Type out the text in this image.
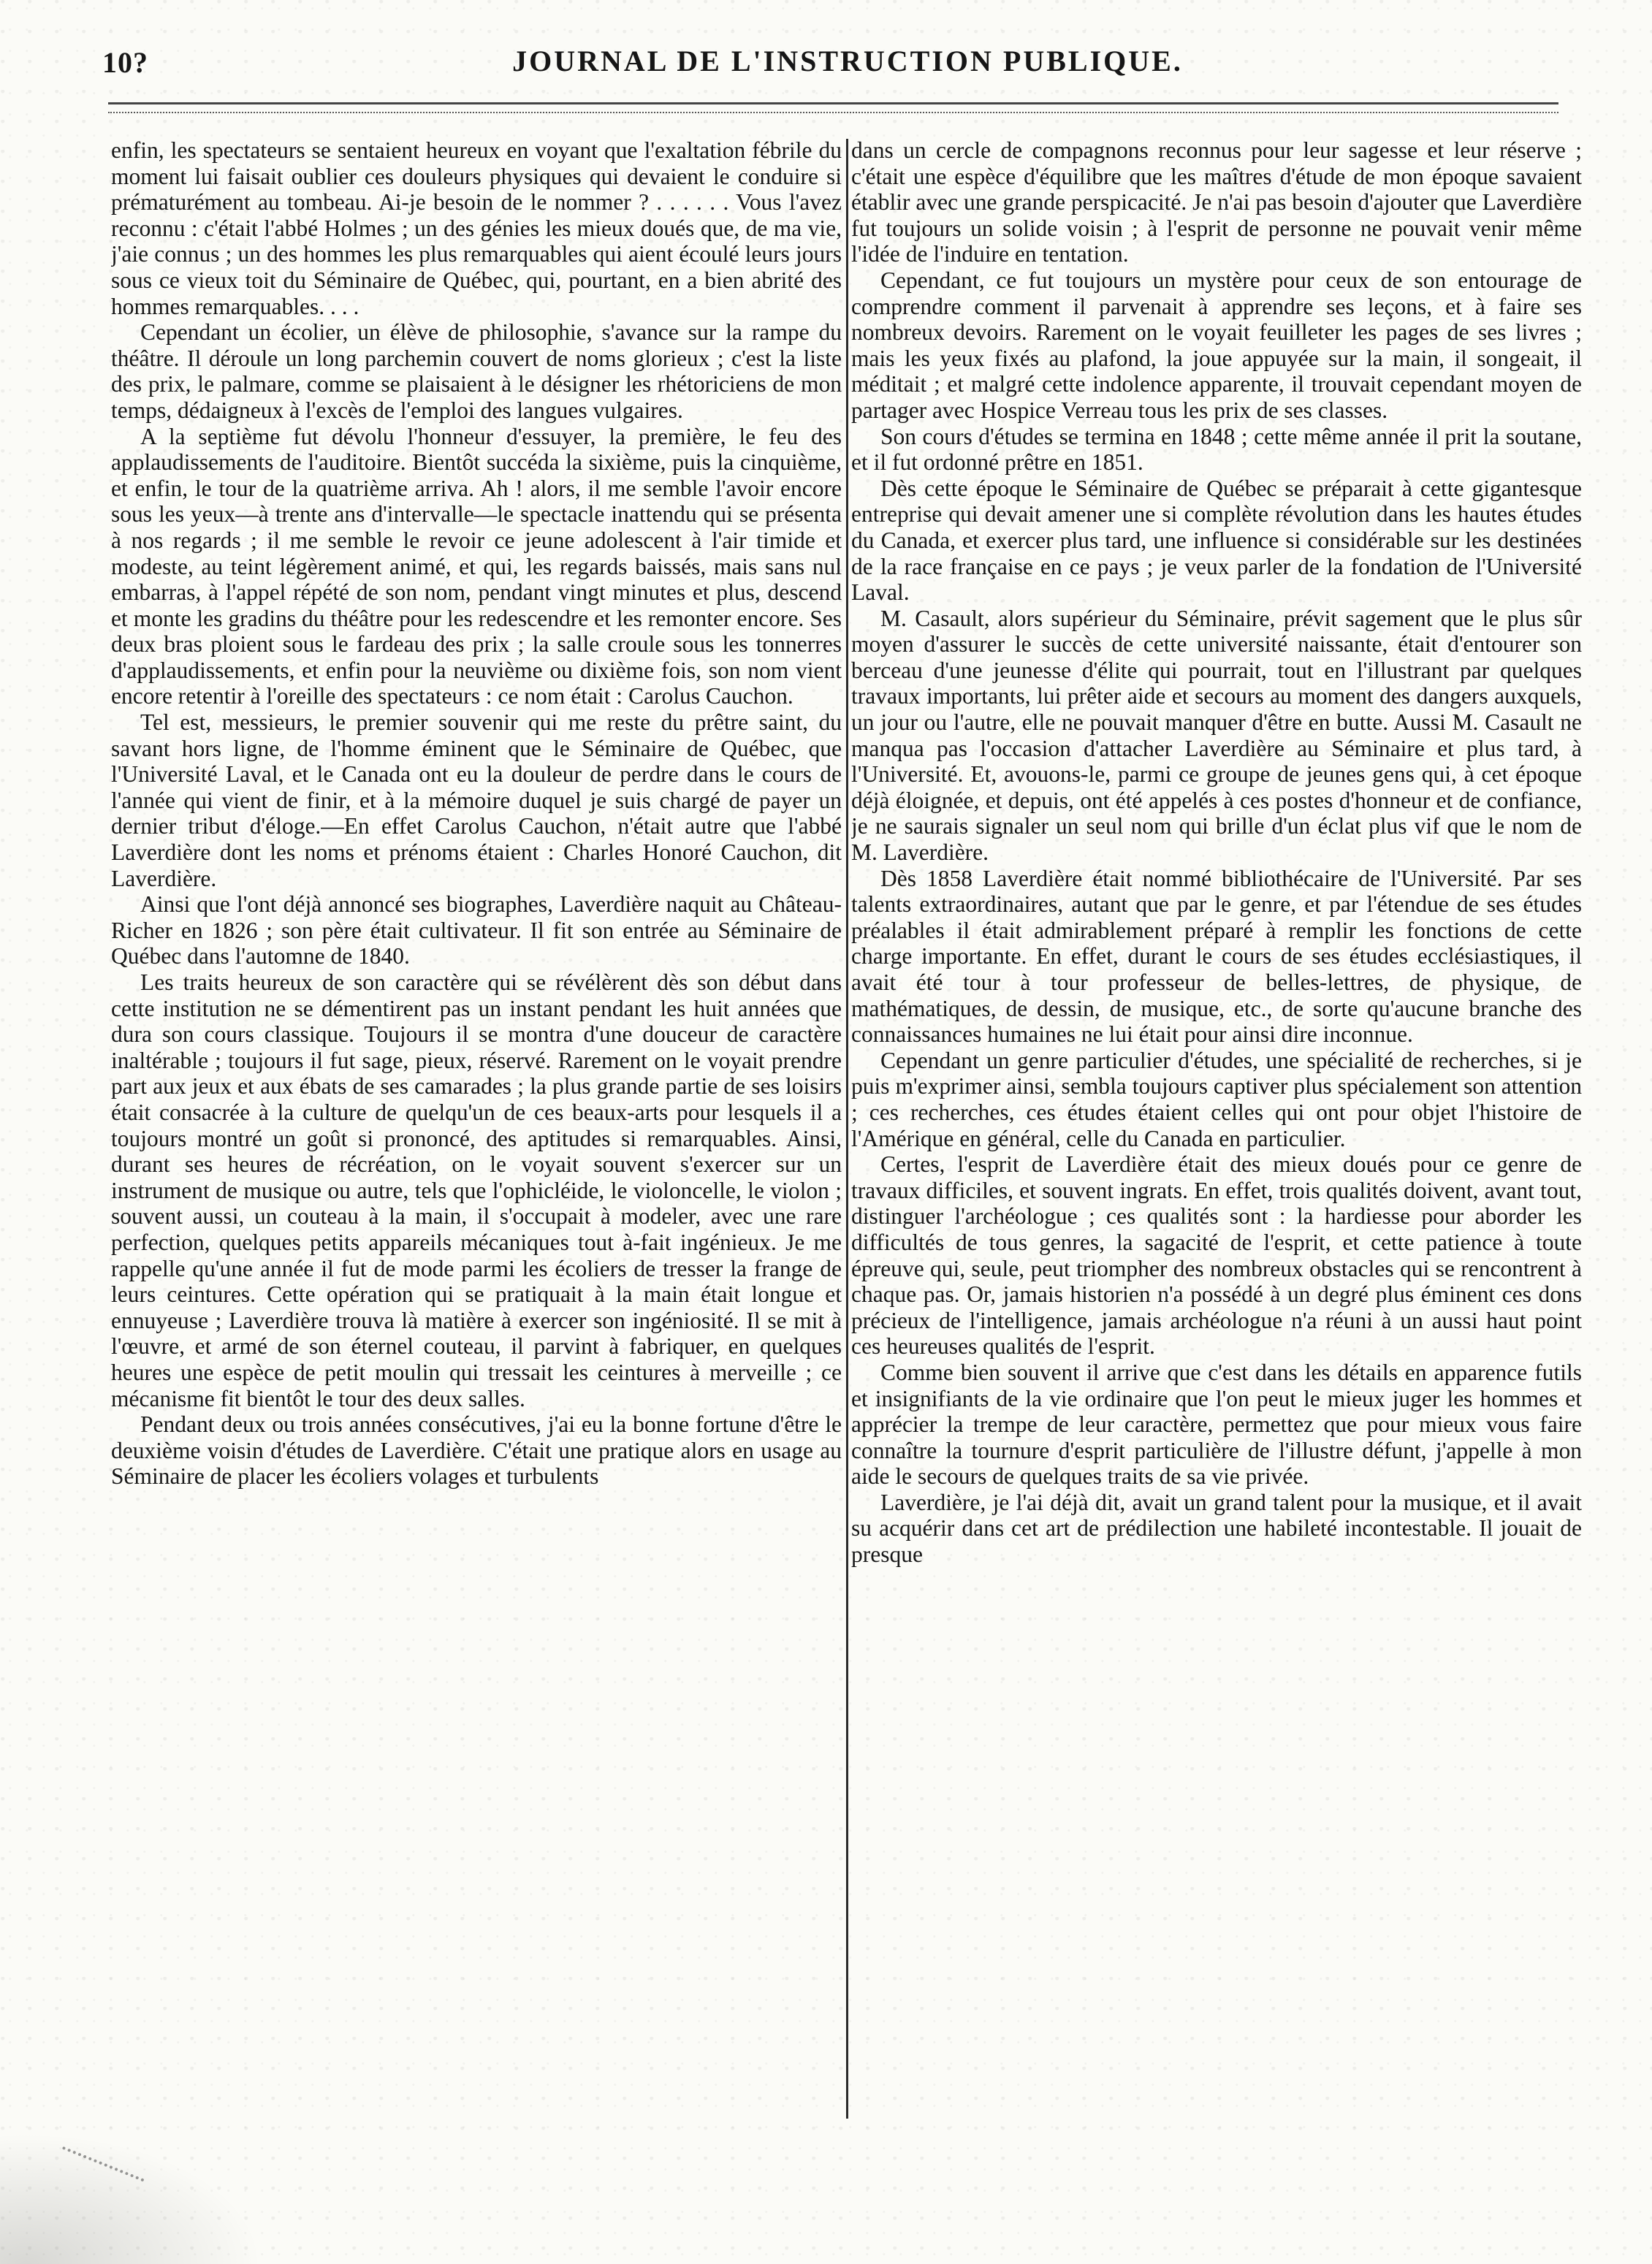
10?	JOURNAL DE L'INSTRUCTION PUBLIQUE.

enfin, les spectateurs se sentaient heureux en voyant que l'exaltation fébrile du moment lui faisait oublier ces douleurs physiques qui devaient le conduire si prématurément au tombeau. Ai-je besoin de le nommer ? . . . . . . Vous l'avez reconnu : c'était l'abbé Holmes ; un des génies les mieux doués que, de ma vie, j'aie connus ; un des hommes les plus remarquables qui aient écoulé leurs jours sous ce vieux toit du Séminaire de Québec, qui, pourtant, en a bien abrité des hommes remarquables. . . .

Cependant un écolier, un élève de philosophie, s'avance sur la rampe du théâtre. Il déroule un long parchemin couvert de noms glorieux ; c'est la liste des prix, le palmare, comme se plaisaient à le désigner les rhétoriciens de mon temps, dédaigneux à l'excès de l'emploi des langues vulgaires.

A la septième fut dévolu l'honneur d'essuyer, la première, le feu des applaudissements de l'auditoire. Bientôt succéda la sixième, puis la cinquième, et enfin, le tour de la quatrième arriva. Ah ! alors, il me semble l'avoir encore sous les yeux—à trente ans d'intervalle—le spectacle inattendu qui se présenta à nos regards ; il me semble le revoir ce jeune adolescent à l'air timide et modeste, au teint légèrement animé, et qui, les regards baissés, mais sans nul embarras, à l'appel répété de son nom, pendant vingt minutes et plus, descend et monte les gradins du théâtre pour les redescendre et les remonter encore. Ses deux bras ploient sous le fardeau des prix ; la salle croule sous les tonnerres d'applaudissements, et enfin pour la neuvième ou dixième fois, son nom vient encore retentir à l'oreille des spectateurs : ce nom était : Carolus Cauchon.

Tel est, messieurs, le premier souvenir qui me reste du prêtre saint, du savant hors ligne, de l'homme éminent que le Séminaire de Québec, que l'Université Laval, et le Canada ont eu la douleur de perdre dans le cours de l'année qui vient de finir, et à la mémoire duquel je suis chargé de payer un dernier tribut d'éloge.—En effet Carolus Cauchon, n'était autre que l'abbé Laverdière dont les noms et prénoms étaient : Charles Honoré Cauchon, dit Laverdière.

Ainsi que l'ont déjà annoncé ses biographes, Laverdière naquit au Château-Richer en 1826 ; son père était cultivateur. Il fit son entrée au Séminaire de Québec dans l'automne de 1840.

Les traits heureux de son caractère qui se révélèrent dès son début dans cette institution ne se démentirent pas un instant pendant les huit années que dura son cours classique. Toujours il se montra d'une douceur de caractère inaltérable ; toujours il fut sage, pieux, réservé. Rarement on le voyait prendre part aux jeux et aux ébats de ses camarades ; la plus grande partie de ses loisirs était consacrée à la culture de quelqu'un de ces beaux-arts pour lesquels il a toujours montré un goût si prononcé, des aptitudes si remarquables. Ainsi, durant ses heures de récréation, on le voyait souvent s'exercer sur un instrument de musique ou autre, tels que l'ophicléide, le violoncelle, le violon ; souvent aussi, un couteau à la main, il s'occupait à modeler, avec une rare perfection, quelques petits appareils mécaniques tout à-fait ingénieux. Je me rappelle qu'une année il fut de mode parmi les écoliers de tresser la frange de leurs ceintures. Cette opération qui se pratiquait à la main était longue et ennuyeuse ; Laverdière trouva là matière à exercer son ingéniosité. Il se mit à l'œuvre, et armé de son éternel couteau, il parvint à fabriquer, en quelques heures une espèce de petit moulin qui tressait les ceintures à merveille ; ce mécanisme fit bientôt le tour des deux salles.

Pendant deux ou trois années consécutives, j'ai eu la bonne fortune d'être le deuxième voisin d'études de Laverdière. C'était une pratique alors en usage au Séminaire de placer les écoliers volages et turbulents

dans un cercle de compagnons reconnus pour leur sagesse et leur réserve ; c'était une espèce d'équilibre que les maîtres d'étude de mon époque savaient établir avec une grande perspicacité. Je n'ai pas besoin d'ajouter que Laverdière fut toujours un solide voisin ; à l'esprit de personne ne pouvait venir même l'idée de l'induire en tentation.

Cependant, ce fut toujours un mystère pour ceux de son entourage de comprendre comment il parvenait à apprendre ses leçons, et à faire ses nombreux devoirs. Rarement on le voyait feuilleter les pages de ses livres ; mais les yeux fixés au plafond, la joue appuyée sur la main, il songeait, il méditait ; et malgré cette indolence apparente, il trouvait cependant moyen de partager avec Hospice Verreau tous les prix de ses classes.

Son cours d'études se termina en 1848 ; cette même année il prit la soutane, et il fut ordonné prêtre en 1851.

Dès cette époque le Séminaire de Québec se préparait à cette gigantesque entreprise qui devait amener une si complète révolution dans les hautes études du Canada, et exercer plus tard, une influence si considérable sur les destinées de la race française en ce pays ; je veux parler de la fondation de l'Université Laval.

M. Casault, alors supérieur du Séminaire, prévit sagement que le plus sûr moyen d'assurer le succès de cette université naissante, était d'entourer son berceau d'une jeunesse d'élite qui pourrait, tout en l'illustrant par quelques travaux importants, lui prêter aide et secours au moment des dangers auxquels, un jour ou l'autre, elle ne pouvait manquer d'être en butte. Aussi M. Casault ne manqua pas l'occasion d'attacher Laverdière au Séminaire et plus tard, à l'Université. Et, avouons-le, parmi ce groupe de jeunes gens qui, à cet époque déjà éloignée, et depuis, ont été appelés à ces postes d'honneur et de confiance, je ne saurais signaler un seul nom qui brille d'un éclat plus vif que le nom de M. Laverdière.

Dès 1858 Laverdière était nommé bibliothécaire de l'Université. Par ses talents extraordinaires, autant que par le genre, et par l'étendue de ses études préalables il était admirablement préparé à remplir les fonctions de cette charge importante. En effet, durant le cours de ses études ecclésiastiques, il avait été tour à tour professeur de belles-lettres, de physique, de mathématiques, de dessin, de musique, etc., de sorte qu'aucune branche des connaissances humaines ne lui était pour ainsi dire inconnue.

Cependant un genre particulier d'études, une spécialité de recherches, si je puis m'exprimer ainsi, sembla toujours captiver plus spécialement son attention ; ces recherches, ces études étaient celles qui ont pour objet l'histoire de l'Amérique en général, celle du Canada en particulier.

Certes, l'esprit de Laverdière était des mieux doués pour ce genre de travaux difficiles, et souvent ingrats. En effet, trois qualités doivent, avant tout, distinguer l'archéologue ; ces qualités sont : la hardiesse pour aborder les difficultés de tous genres, la sagacité de l'esprit, et cette patience à toute épreuve qui, seule, peut triompher des nombreux obstacles qui se rencontrent à chaque pas. Or, jamais historien n'a possédé à un degré plus éminent ces dons précieux de l'intelligence, jamais archéologue n'a réuni à un aussi haut point ces heureuses qualités de l'esprit.

Comme bien souvent il arrive que c'est dans les détails en apparence futils et insignifiants de la vie ordinaire que l'on peut le mieux juger les hommes et apprécier la trempe de leur caractère, permettez que pour mieux vous faire connaître la tournure d'esprit particulière de l'illustre défunt, j'appelle à mon aide le secours de quelques traits de sa vie privée.

Laverdière, je l'ai déjà dit, avait un grand talent pour la musique, et il avait su acquérir dans cet art de prédilection une habileté incontestable. Il jouait de presque
